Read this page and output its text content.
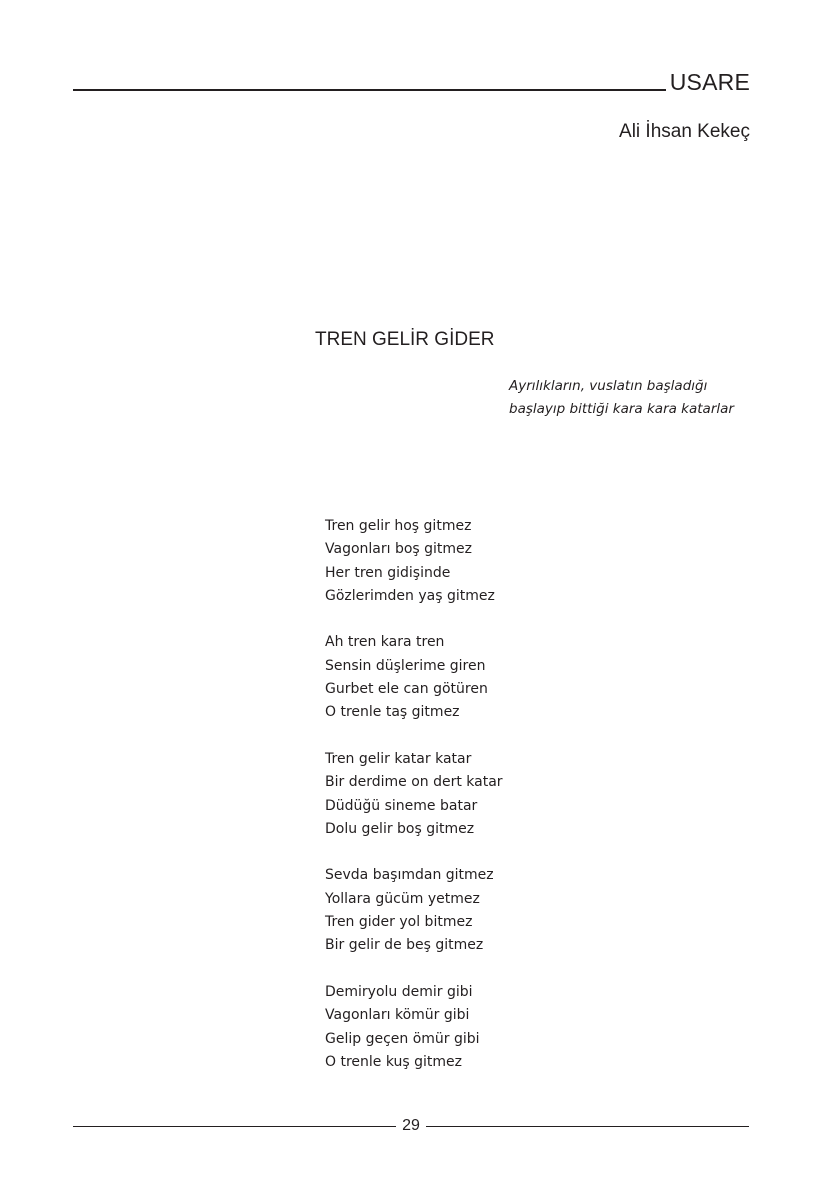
USARE
Ali İhsan Kekeç
TREN GELİR GİDER
Ayrılıkların, vuslatın başladığı
başlayıp bittiği kara kara katarlar
Tren gelir hoş gitmez
Vagonları boş gitmez
Her tren gidişinde
Gözlerimden yaş gitmez
Ah tren kara tren
Sensin düşlerime giren
Gurbet ele can götüren
O trenle taş gitmez
Tren gelir katar katar
Bir derdime on dert katar
Düdüğü sineme batar
Dolu gelir boş gitmez
Sevda başımdan gitmez
Yollara gücüm yetmez
Tren gider yol bitmez
Bir gelir de beş gitmez
Demiryolu demir gibi
Vagonları kömür gibi
Gelip geçen ömür gibi
O trenle kuş gitmez
29
